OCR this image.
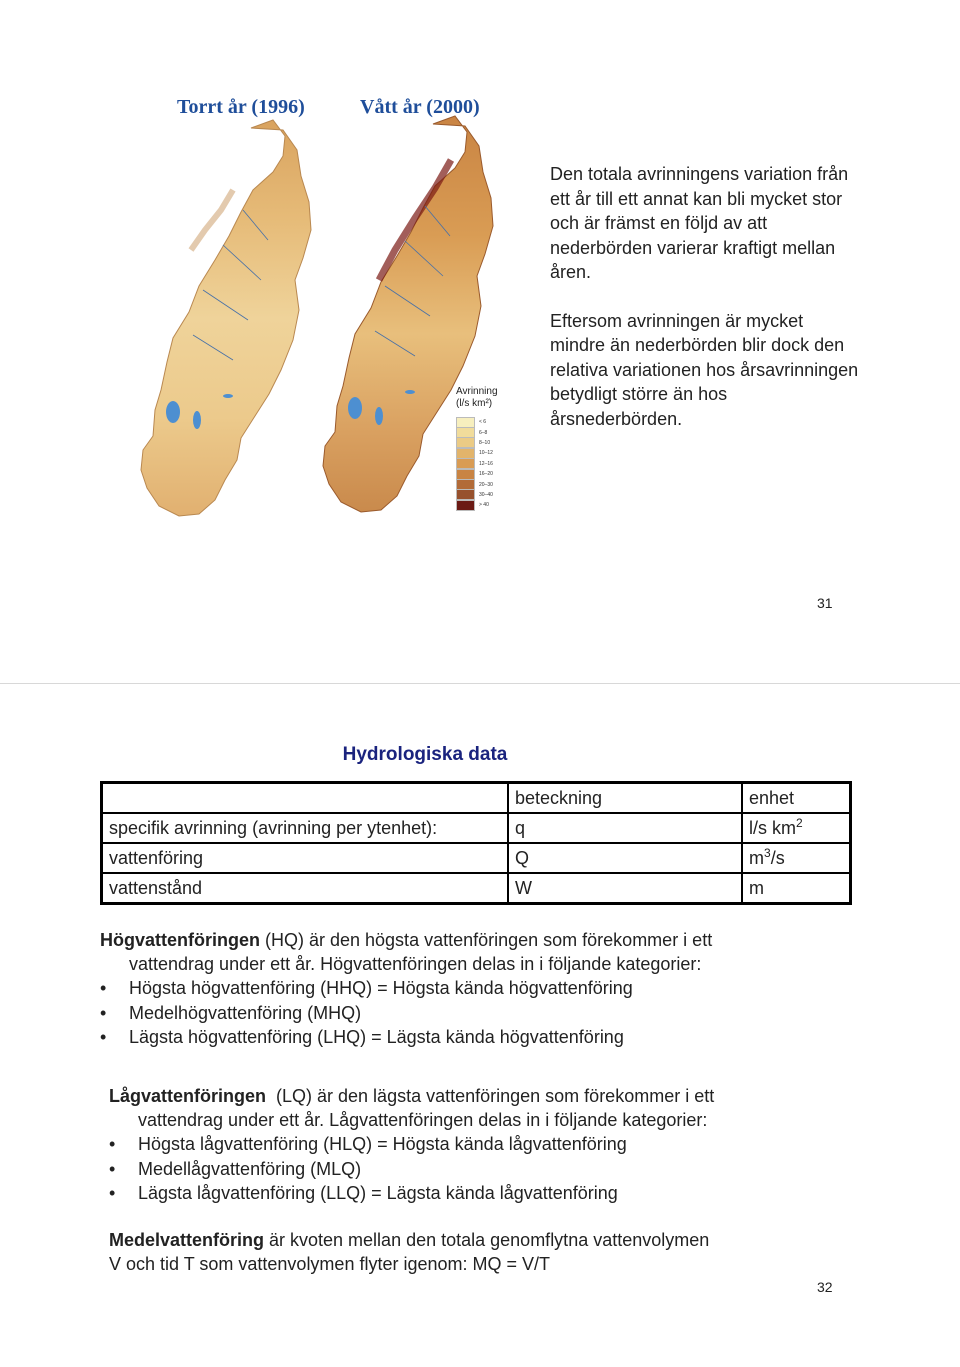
Torrt år (1996)	Vått år (2000)
Avrinning
(l/s km²)
< 6
6–8
8–10
10–12
12–16
16–20
20–30
30–40
> 40

Den totala avrinningens variation från ett år till ett annat kan bli mycket stor och är främst en följd av att nederbörden varierar kraftigt mellan åren.

Eftersom avrinningen är mycket mindre än nederbörden blir dock den relativa variationen hos årsavrinningen betydligt större än hos årsnederbörden.

31
Hydrologiska data
	beteckning	enhet
specifik avrinning (avrinning per ytenhet):	q	l/s $km^2$
vattenföring	Q	$m^3/s$
vattenstånd	W	m

Högvattenföringen (HQ) är den högsta vattenföringen som förekommer i ett

vattendrag under ett år. Högvattenföringen delas in i följande kategorier:

• Högsta högvattenföring (HHQ) = Högsta kända högvattenföring
• Medelhögvattenföring (MHQ)
• Lägsta högvattenföring (LHQ) = Lägsta kända högvattenföring

Lågvattenföringen  (LQ) är den lägsta vattenföringen som förekommer i ett

vattendrag under ett år. Lågvattenföringen delas in i följande kategorier:

• Högsta lågvattenföring (HLQ) = Högsta kända lågvattenföring
• Medellågvattenföring (MLQ)
• Lägsta lågvattenföring (LLQ) = Lägsta kända lågvattenföring

Medelvattenföring är kvoten mellan den totala genomflytna vattenvolymen

V och tid T som vattenvolymen flyter igenom: MQ = V/T

32
